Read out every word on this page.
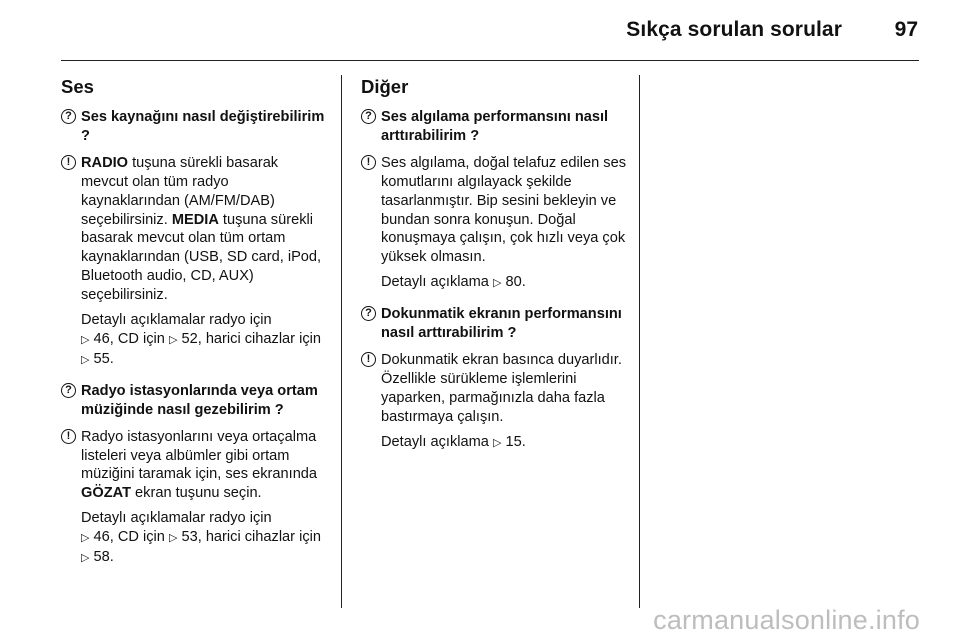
Sıkça sorulan sorular	97
Ses
? Ses kaynağını nasıl değiştirebilirim ?
! RADIO tuşuna sürekli basarak mevcut olan tüm radyo kaynaklarından (AM/FM/DAB) seçebilirsiniz. MEDIA tuşuna sürekli basarak mevcut olan tüm ortam kaynaklarından (USB, SD card, iPod, Bluetooth audio, CD, AUX) seçebilirsiniz.
Detaylı açıklamalar radyo için
▷ 46, CD için ▷ 52, harici cihazlar için ▷ 55.
? Radyo istasyonlarında veya ortam müziğinde nasıl gezebilirim ?
! Radyo istasyonlarını veya ortaçalma listeleri veya albümler gibi ortam müziğini taramak için, ses ekranında GÖZAT ekran tuşunu seçin.
Detaylı açıklamalar radyo için
▷ 46, CD için ▷ 53, harici cihazlar için ▷ 58.
Diğer
? Ses algılama performansını nasıl arttırabilirim ?
! Ses algılama, doğal telafuz edilen ses komutlarını algılayack şekilde tasarlanmıştır. Bip sesini bekleyin ve bundan sonra konuşun. Doğal konuşmaya çalışın, çok hızlı veya çok yüksek olmasın.
Detaylı açıklama ▷ 80.
? Dokunmatik ekranın performansını nasıl arttırabilirim ?
! Dokunmatik ekran basınca duyarlıdır. Özellikle sürükleme işlemlerini yaparken, parmağınızla daha fazla bastırmaya çalışın.
Detaylı açıklama ▷ 15.
carmanualsonline.info
